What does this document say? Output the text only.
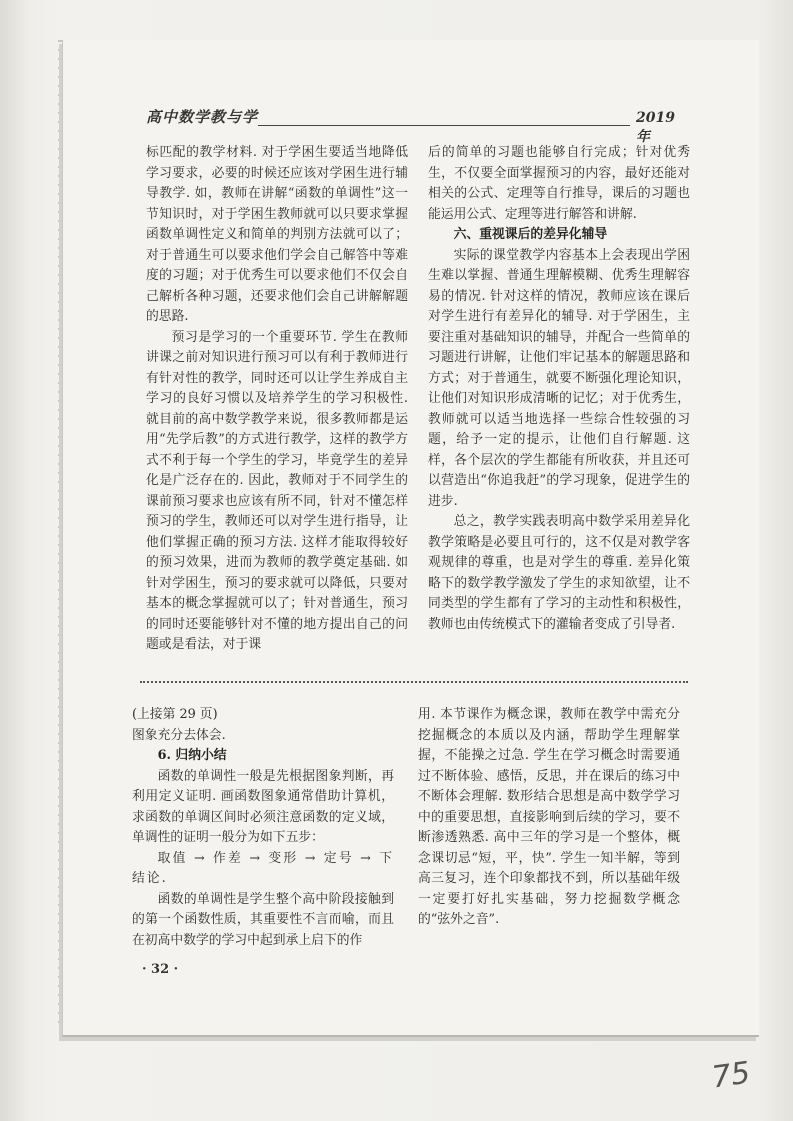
高中数学教与学	2019 年

标匹配的教学材料. 对于学困生要适当地降低学习要求，必要的时候还应该对学困生进行辅导教学. 如，教师在讲解“函数的单调性”这一节知识时，对于学困生教师就可以只要求掌握函数单调性定义和简单的判别方法就可以了；对于普通生可以要求他们学会自己解答中等难度的习题；对于优秀生可以要求他们不仅会自己解析各种习题，还要求他们会自己讲解解题的思路.

预习是学习的一个重要环节. 学生在教师讲课之前对知识进行预习可以有利于教师进行有针对性的教学，同时还可以让学生养成自主学习的良好习惯以及培养学生的学习积极性. 就目前的高中数学教学来说，很多教师都是运用“先学后教”的方式进行教学，这样的教学方式不利于每一个学生的学习，毕竟学生的差异化是广泛存在的. 因此，教师对于不同学生的课前预习要求也应该有所不同，针对不懂怎样预习的学生，教师还可以对学生进行指导，让他们掌握正确的预习方法. 这样才能取得较好的预习效果，进而为教师的教学奠定基础. 如针对学困生，预习的要求就可以降低，只要对基本的概念掌握就可以了；针对普通生，预习的同时还要能够针对不懂的地方提出自己的问题或是看法，对于课

后的简单的习题也能够自行完成；针对优秀生，不仅要全面掌握预习的内容，最好还能对相关的公式、定理等自行推导，课后的习题也能运用公式、定理等进行解答和讲解.

六、重视课后的差异化辅导

实际的课堂教学内容基本上会表现出学困生难以掌握、普通生理解模糊、优秀生理解容易的情况. 针对这样的情况，教师应该在课后对学生进行有差异化的辅导. 对于学困生，主要注重对基础知识的辅导，并配合一些简单的习题进行讲解，让他们牢记基本的解题思路和方式；对于普通生，就要不断强化理论知识，让他们对知识形成清晰的记忆；对于优秀生，教师就可以适当地选择一些综合性较强的习题，给予一定的提示，让他们自行解题. 这样，各个层次的学生都能有所收获，并且还可以营造出“你追我赶”的学习现象，促进学生的进步.

总之，教学实践表明高中数学采用差异化教学策略是必要且可行的，这不仅是对教学客观规律的尊重，也是对学生的尊重. 差异化策略下的数学教学激发了学生的求知欲望，让不同类型的学生都有了学习的主动性和积极性，教师也由传统模式下的灌输者变成了引导者.

(上接第 29 页)

图象充分去体会.

6. 归纳小结

函数的单调性一般是先根据图象判断，再利用定义证明. 画函数图象通常借助计算机，求函数的单调区间时必须注意函数的定义域，单调性的证明一般分为如下五步：

取值 → 作差 → 变形 → 定号 → 下结论.

函数的单调性是学生整个高中阶段接触到的第一个函数性质，其重要性不言而喻，而且在初高中数学的学习中起到承上启下的作

用. 本节课作为概念课，教师在教学中需充分挖掘概念的本质以及内涵，帮助学生理解掌握，不能操之过急. 学生在学习概念时需要通过不断体验、感悟，反思，并在课后的练习中不断体会理解. 数形结合思想是高中数学学习中的重要思想，直接影响到后续的学习，要不断渗透熟悉. 高中三年的学习是一个整体，概念课切忌“短，平，快”. 学生一知半解，等到高三复习，连个印象都找不到，所以基础年级一定要打好扎实基础，努力挖掘数学概念的“弦外之音”.

· 32 ·
75
